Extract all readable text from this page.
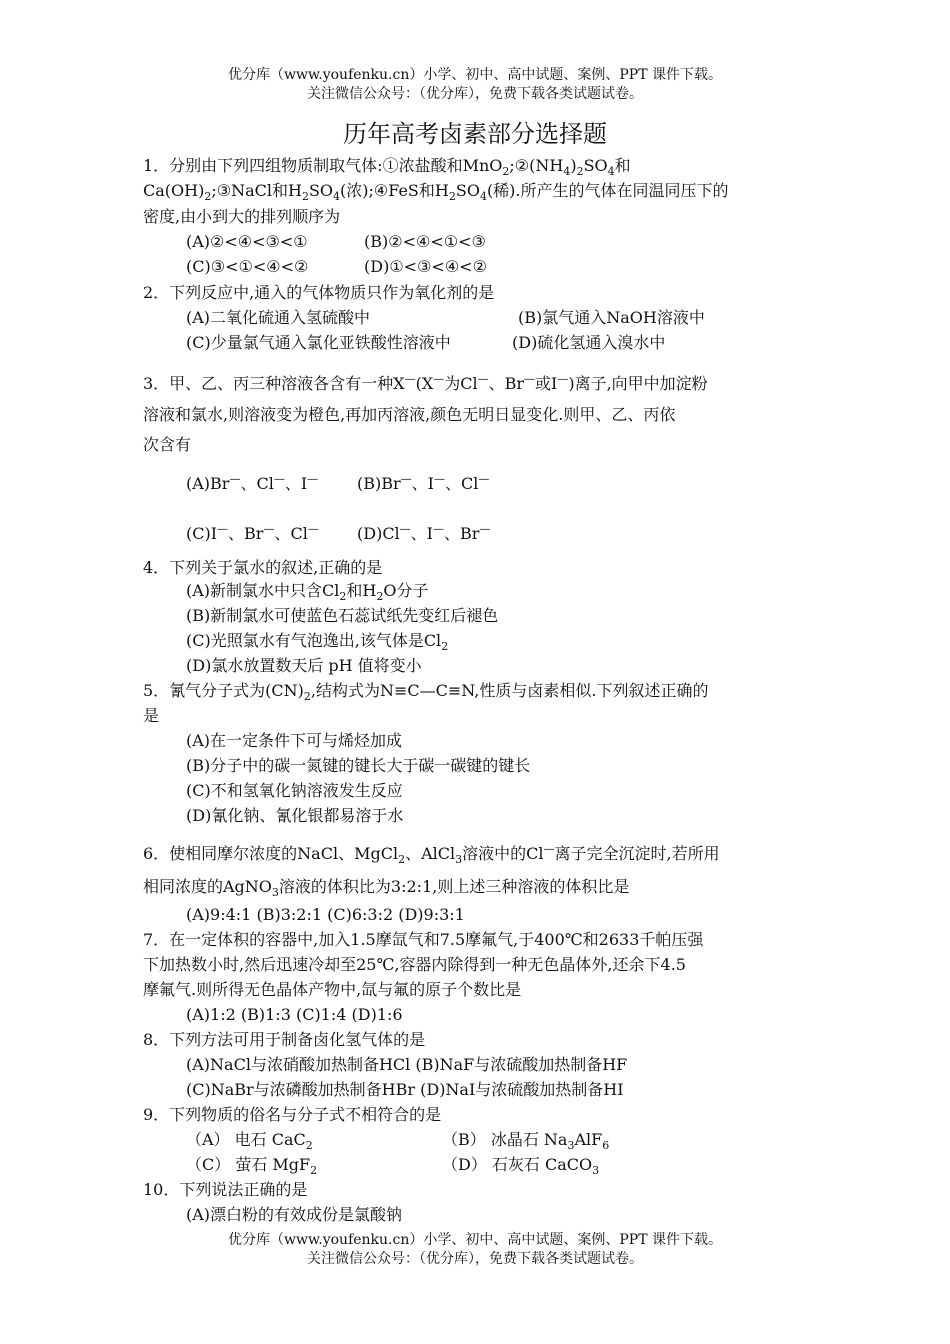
优分库（www.youfenku.cn）小学、初中、高中试题、案例、PPT 课件下载。
关注微信公众号：（优分库），免费下载各类试题试卷。
历年高考卤素部分选择题
1．分别由下列四组物质制取气体:①浓盐酸和$MnO_2;②(NH_4)_2SO_4$和
$Ca(OH)_2;③NaCl$和$H_2SO_4$(浓);④FeS和$H_2SO_4$(稀).所产生的气体在同温同压下的
密度,由小到大的排列顺序为
(A)②<④<③<①	(B)②<④<①<③
(C)③<①<④<②	(D)①<③<④<②
2．下列反应中,通入的气体物质只作为氧化剂的是
(A)二氧化硫通入氢硫酸中	(B)氯气通入NaOH溶液中
(C)少量氯气通入氯化亚铁酸性溶液中	(D)硫化氢通入溴水中
3．甲、乙、丙三种溶液各含有一种X—(X—为Cl—、Br—或I—)离子,向甲中加淀粉
溶液和氯水,则溶液变为橙色,再加丙溶液,颜色无明日显变化.则甲、乙、丙依
次含有
(A)Br—、Cl—、I— (B)Br—、I—、Cl—
(C)I—、Br—、Cl— (D)Cl—、I—、Br—
4．下列关于氯水的叙述,正确的是
(A)新制氯水中只含$Cl_2$和$H_2O$分子
(B)新制氯水可使蓝色石蕊试纸先变红后褪色
(C)光照氯水有气泡逸出,该气体是$Cl_2$
(D)氯水放置数天后 pH 值将变小
5．氰气分子式为$(CN)_2$,结构式为N≡C—C≡N,性质与卤素相似.下列叙述正确的
是
(A)在一定条件下可与烯烃加成
(B)分子中的碳一氮键的键长大于碳一碳键的键长
(C)不和氢氧化钠溶液发生反应
(D)氰化钠、氰化银都易溶于水
6．使相同摩尔浓度的NaCl、MgCl$_2$、AlCl$_3$溶液中的Cl—离子完全沉淀时,若所用
相同浓度的AgNO$_3$溶液的体积比为3:2:1,则上述三种溶液的体积比是
(A)9:4:1 (B)3:2:1 (C)6:3:2 (D)9:3:1
7．在一定体积的容器中,加入1.5摩氙气和7.5摩氟气,于400℃和2633千帕压强
下加热数小时,然后迅速冷却至25℃,容器内除得到一种无色晶体外,还余下4.5
摩氟气.则所得无色晶体产物中,氙与氟的原子个数比是
(A)1:2 (B)1:3 (C)1:4 (D)1:6
8．下列方法可用于制备卤化氢气体的是
(A)NaCl与浓硝酸加热制备HCl (B)NaF与浓硫酸加热制备HF
(C)NaBr与浓磷酸加热制备HBr (D)NaI与浓硫酸加热制备HI
9．下列物质的俗名与分子式不相符合的是
（A） 电石 CaC$_2$	（B） 冰晶石 $Na_3AlF_6$
（C） 萤石 MgF$_2$	（D） 石灰石 CaCO$_3$
10．下列说法正确的是
(A)漂白粉的有效成份是氯酸钠
优分库（www.youfenku.cn）小学、初中、高中试题、案例、PPT 课件下载。
关注微信公众号：（优分库），免费下载各类试题试卷。
